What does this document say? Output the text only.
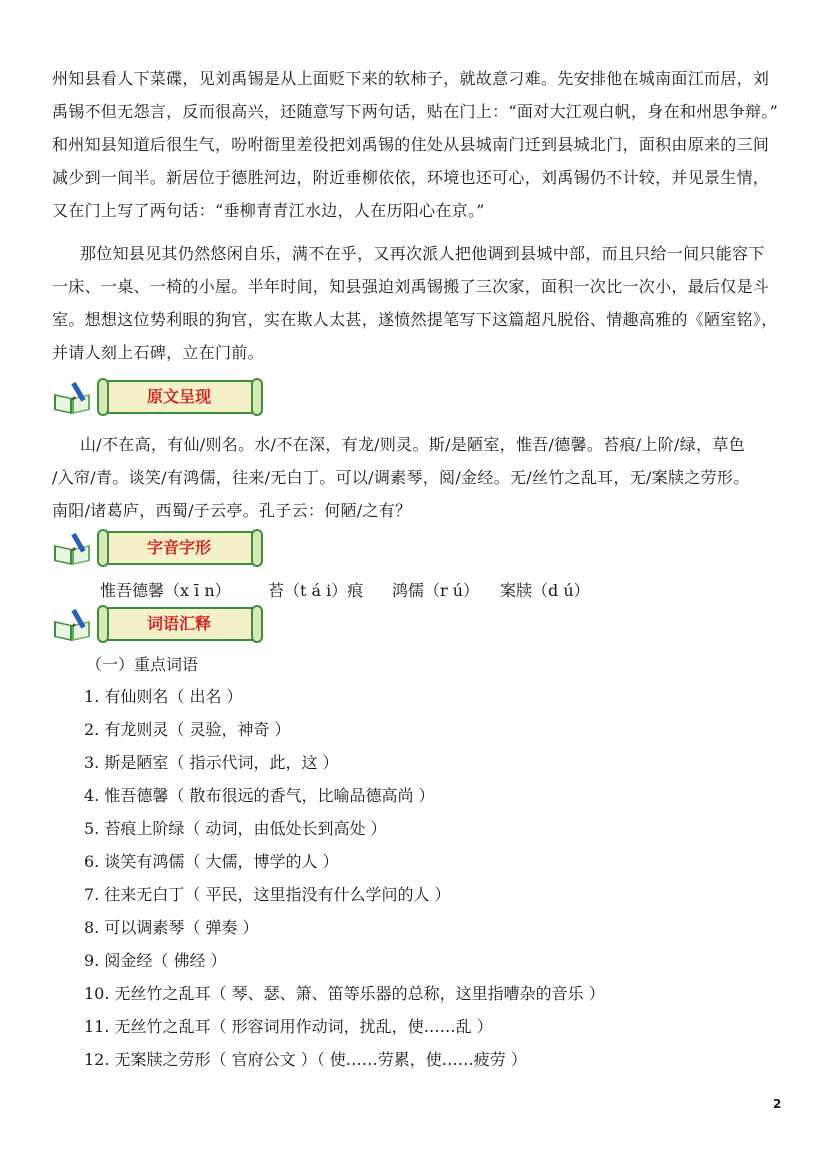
州知县看人下菜碟，见刘禹锡是从上面贬下来的软柿子，就故意刁难。先安排他在城南面江而居，刘
禹锡不但无怨言，反而很高兴，还随意写下两句话，贴在门上：“面对大江观白帆，身在和州思争辩。”
和州知县知道后很生气，吩咐衙里差役把刘禹锡的住处从县城南门迁到县城北门，面积由原来的三间
减少到一间半。新居位于德胜河边，附近垂柳依依，环境也还可心，刘禹锡仍不计较，并见景生情，
又在门上写了两句话：“垂柳青青江水边，人在历阳心在京。”
那位知县见其仍然悠闲自乐，满不在乎，又再次派人把他调到县城中部，而且只给一间只能容下
一床、一桌、一椅的小屋。半年时间，知县强迫刘禹锡搬了三次家，面积一次比一次小，最后仅是斗
室。想想这位势利眼的狗官，实在欺人太甚，遂愤然提笔写下这篇超凡脱俗、情趣高雅的《陋室铭》，
并请人刻上石碑，立在门前。
原文呈现
山/不在高，有仙/则名。水/不在深，有龙/则灵。斯/是陋室，惟吾/德馨。苔痕/上阶/绿，草色
/入帘/青。谈笑/有鸿儒，往来/无白丁。可以/调素琴，阅/金经。无/丝竹之乱耳，无/案牍之劳形。
南阳/诸葛庐，西蜀/子云亭。孔子云：何陋/之有？
字音字形
惟吾德馨（x ī n） 苔（t á i）痕 鸿儒（r ú） 案牍（d ú）
词语汇释
（一）重点词语
1. 有仙则名（ 出名 ）
2. 有龙则灵（ 灵验，神奇 ）
3. 斯是陋室（ 指示代词，此，这 ）
4. 惟吾德馨（ 散布很远的香气，比喻品德高尚 ）
5. 苔痕上阶绿（ 动词，由低处长到高处 ）
6. 谈笑有鸿儒（ 大儒，博学的人 ）
7. 往来无白丁（ 平民，这里指没有什么学问的人 ）
8. 可以调素琴（ 弹奏 ）
9. 阅金经（ 佛经 ）
10. 无丝竹之乱耳（ 琴、瑟、箫、笛等乐器的总称，这里指嘈杂的音乐 ）
11. 无丝竹之乱耳（ 形容词用作动词，扰乱，使……乱 ）
12. 无案牍之劳形（ 官府公文 ）（ 使……劳累，使……疲劳 ）
2
